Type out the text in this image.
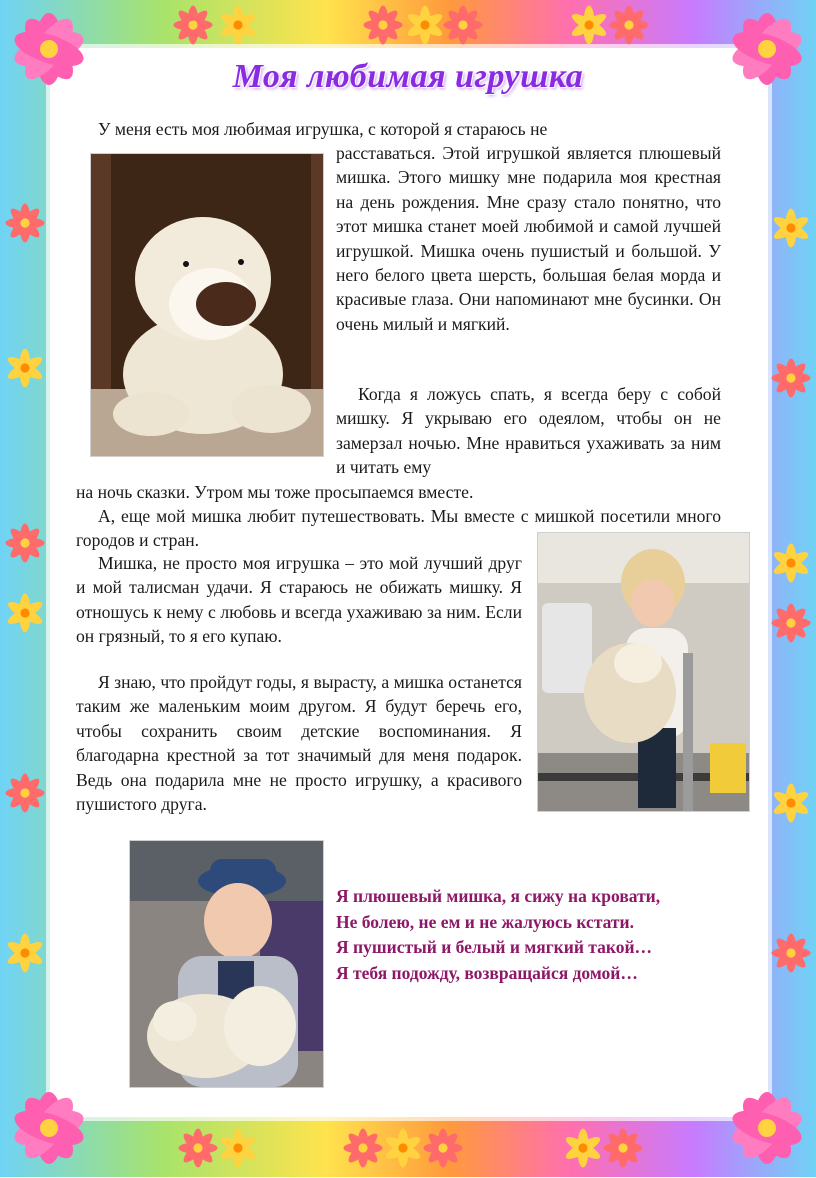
Моя любимая игрушка
У меня есть моя любимая игрушка, с которой я стараюсь не
расставаться. Этой игрушкой является плюшевый мишка. Этого мишку мне подарила моя крестная на день рождения. Мне сразу стало понятно, что этот мишка станет моей любимой и самой лучшей игрушкой. Мишка очень пушистый и большой. У него белого цвета шерсть, большая белая морда и красивые глаза. Они напоминают мне бусинки. Он очень милый и мягкий.
Когда я ложусь спать, я всегда беру с собой мишку. Я укрываю его одеялом, чтобы он не замерзал ночью. Мне нравиться ухаживать за ним и читать ему
на ночь сказки. Утром мы тоже просыпаемся вместе.
А, еще мой мишка любит путешествовать. Мы вместе с мишкой посетили много городов и стран.
Мишка, не просто моя игрушка – это мой лучший друг и мой талисман удачи. Я стараюсь не обижать мишку. Я отношусь к нему с любовь и всегда ухаживаю за ним. Если он грязный, то я его купаю.
Я знаю, что пройдут годы, я вырасту, а мишка останется таким же маленьким моим другом. Я будут беречь его, чтобы сохранить своим детские воспоминания. Я благодарна крестной за тот значимый для меня подарок. Ведь она подарила мне не просто игрушку, а красивого пушистого друга.
Я плюшевый мишка, я сижу на кровати,
Не болею, не ем и не жалуюсь кстати.
Я пушистый и белый и мягкий такой…
Я тебя подожду, возвращайся домой…
